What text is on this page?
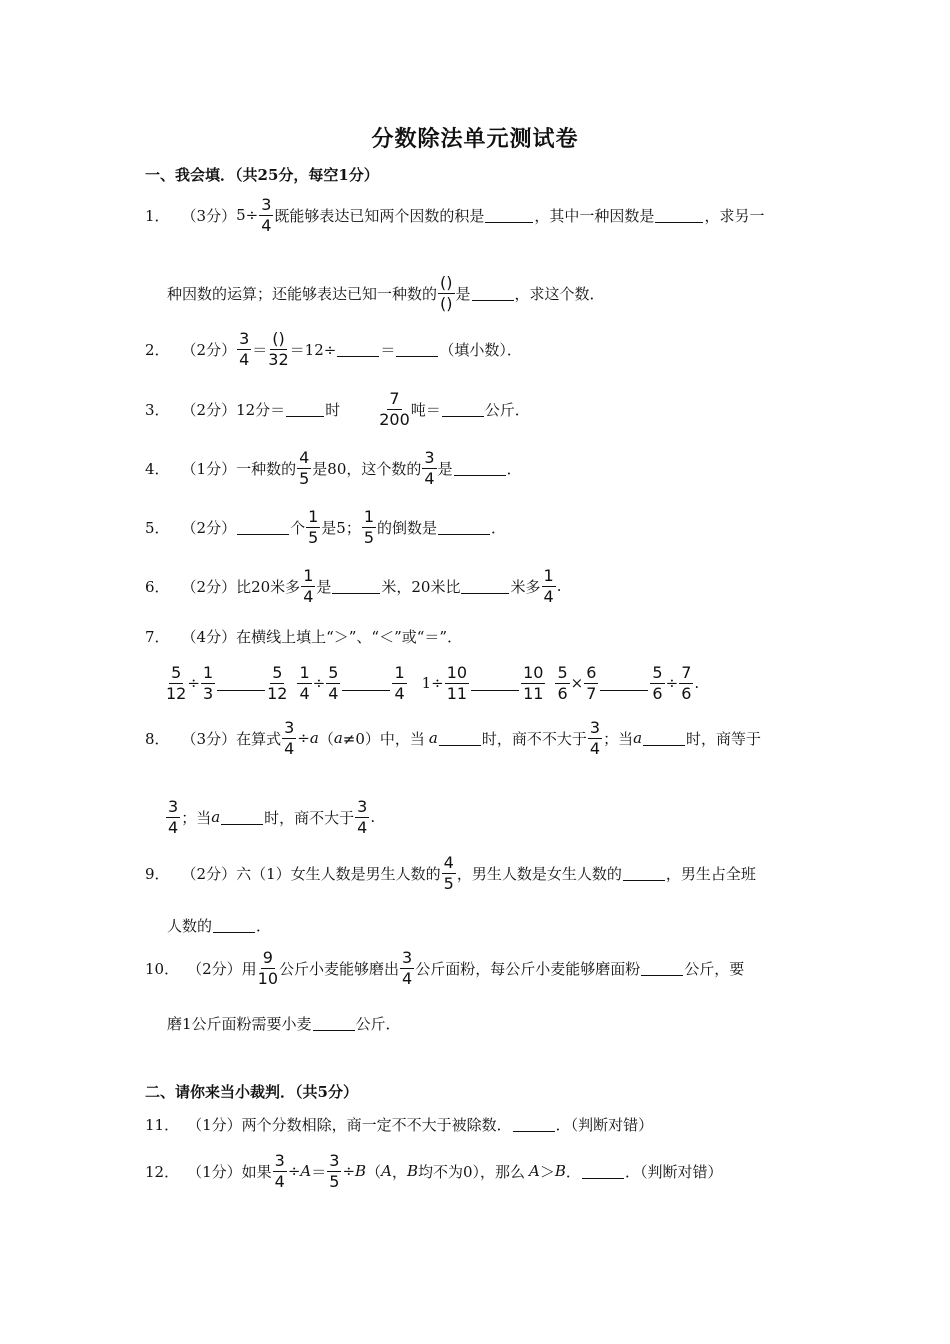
分数除法单元测试卷
一、我会填．（共25分，每空1分）
1． （3分） $5\div \frac{3}{4}$ 既能够表达已知两个因数的积是	，其中一种因数是	，求另一
种因数的运算；还能够表达已知一种数的 $\frac{()}{()}$ 是	，求这个数．
2． （2分） $\frac{3}{4} = \frac{()}{32} =12\div$	＝	（填小数）．
3． （2分） 12分＝	时 $\frac{7}{200}$ 吨＝	公斤．
4． （1分） 一种数的 $\frac{4}{5}$ 是80，这个数的 $\frac{3}{4}$ 是	．
5． （2分）	个 $\frac{1}{5}$ 是5； $\frac{1}{5}$ 的倒数是	．
6． （2分） 比20米多 $\frac{1}{4}$ 是	米，20米比	米多 $\frac{1}{4}$ .
7． （4分） 在横线上填上“＞”、“＜”或“＝”．
$\frac{5}{12} \div \frac{1}{3}$	$\frac{5}{12} \frac{1}{4} \div \frac{5}{4}$	$\frac{1}{4} 1\div \frac{10}{11}$	$\frac{10}{11} \frac{5}{6} \times \frac{6}{7}$	$\frac{5}{6} \div \frac{7}{6}$ .
8． （3分） 在算式 $\frac{3}{4} \div a$ （ a ≠0）中，当 a	时，商不不大于 $\frac{3}{4}$ ；当 a	时，商等于
$\frac{3}{4}$ ；当 a	时，商不大于 $\frac{3}{4}$ .
9． （2分） 六（1）女生人数是男生人数的 $\frac{4}{5}$ ，男生人数是女生人数的	，男生占全班
人数的	．
10． （2分） 用 $\frac{9}{10}$ 公斤小麦能够磨出 $\frac{3}{4}$ 公斤面粉，每公斤小麦能够磨面粉	公斤，要
磨1公斤面粉需要小麦	公斤．
二、请你来当小裁判．（共5分）
11． （1分） 两个分数相除，商一定不不大于被除数．	．（判断对错）
12． （1分） 如果 $\frac{3}{4} \div A = \frac{3}{5} \div B$ （ A ， B 均不为0），那么 A ＞ B ．	．（判断对错）
